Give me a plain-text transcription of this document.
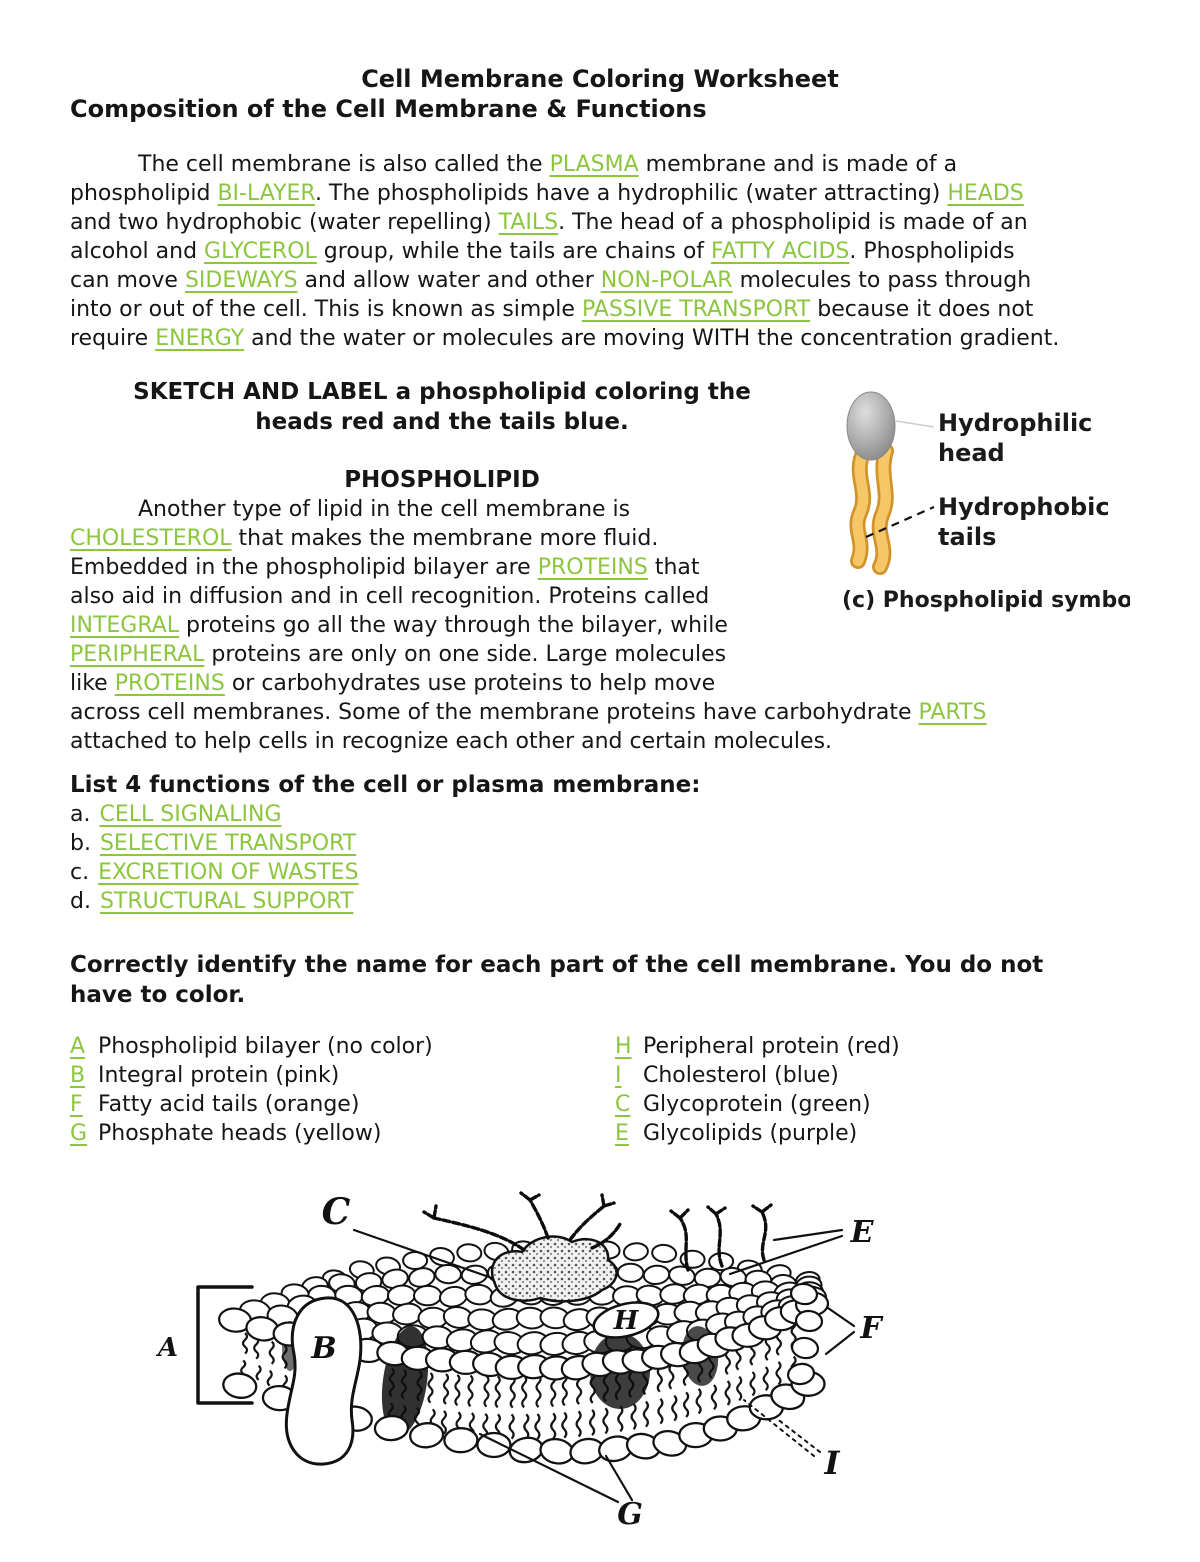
Cell Membrane Coloring Worksheet
Composition of the Cell Membrane & Functions

The cell membrane is also called the PLASMA membrane and is made of a
phospholipid BI-LAYER. The phospholipids have a hydrophilic (water attracting) HEADS
and two hydrophobic (water repelling) TAILS. The head of a phospholipid is made of an
alcohol and GLYCEROL group, while the tails are chains of FATTY ACIDS. Phospholipids
can move SIDEWAYS and allow water and other NON-POLAR molecules to pass through
into or out of the cell. This is known as simple PASSIVE TRANSPORT because it does not
require ENERGY and the water or molecules are moving WITH the concentration gradient.

Hydrophilic
head
Hydrophobic
tails
(c) Phospholipid symbol
SKETCH AND LABEL a phospholipid coloring the
heads red and the tails blue.
PHOSPHOLIPID

Another type of lipid in the cell membrane is
CHOLESTEROL that makes the membrane more fluid.
Embedded in the phospholipid bilayer are PROTEINS that
also aid in diffusion and in cell recognition. Proteins called
INTEGRAL proteins go all the way through the bilayer, while
PERIPHERAL proteins are only on one side. Large molecules
like PROTEINS or carbohydrates use proteins to help move
across cell membranes. Some of the membrane proteins have carbohydrate PARTS
attached to help cells in recognize each other and certain molecules.

List 4 functions of the cell or plasma membrane:
a. CELL SIGNALING
b. SELECTIVE TRANSPORT
c. EXCRETION OF WASTES
d. STRUCTURAL SUPPORT
Correctly identify the name for each part of the cell membrane. You do not
have to color.
A Phospholipid bilayer (no color)
B Integral protein (pink)
F Fatty acid tails (orange)
G Phosphate heads (yellow)
H Peripheral protein (red)
I Cholesterol (blue)
C Glycoprotein (green)
E Glycolipids (purple)
B
A
C	E
H	F
I
G
